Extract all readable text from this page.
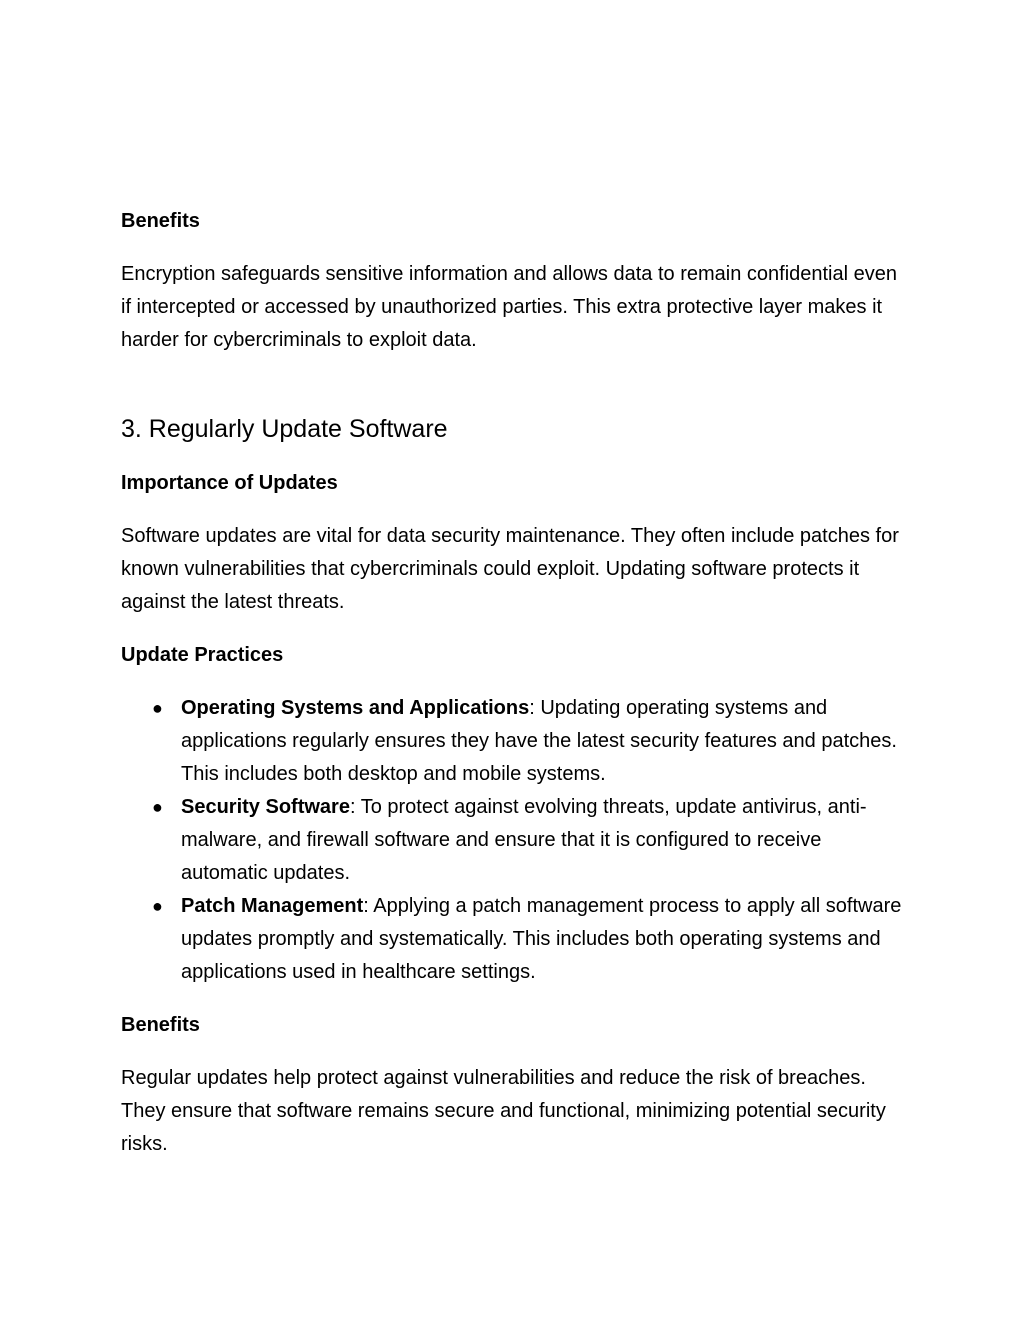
Benefits

Encryption safeguards sensitive information and allows data to remain confidential even if intercepted or accessed by unauthorized parties. This extra protective layer makes it harder for cybercriminals to exploit data.

3. Regularly Update Software

Importance of Updates

Software updates are vital for data security maintenance. They often include patches for known vulnerabilities that cybercriminals could exploit. Updating software protects it against the latest threats.

Update Practices

● Operating Systems and Applications: Updating operating systems and applications regularly ensures they have the latest security features and patches. This includes both desktop and mobile systems.
● Security Software: To protect against evolving threats, update antivirus, anti-malware, and firewall software and ensure that it is configured to receive automatic updates.
● Patch Management: Applying a patch management process to apply all software updates promptly and systematically. This includes both operating systems and applications used in healthcare settings.

Benefits

Regular updates help protect against vulnerabilities and reduce the risk of breaches. They ensure that software remains secure and functional, minimizing potential security risks.
